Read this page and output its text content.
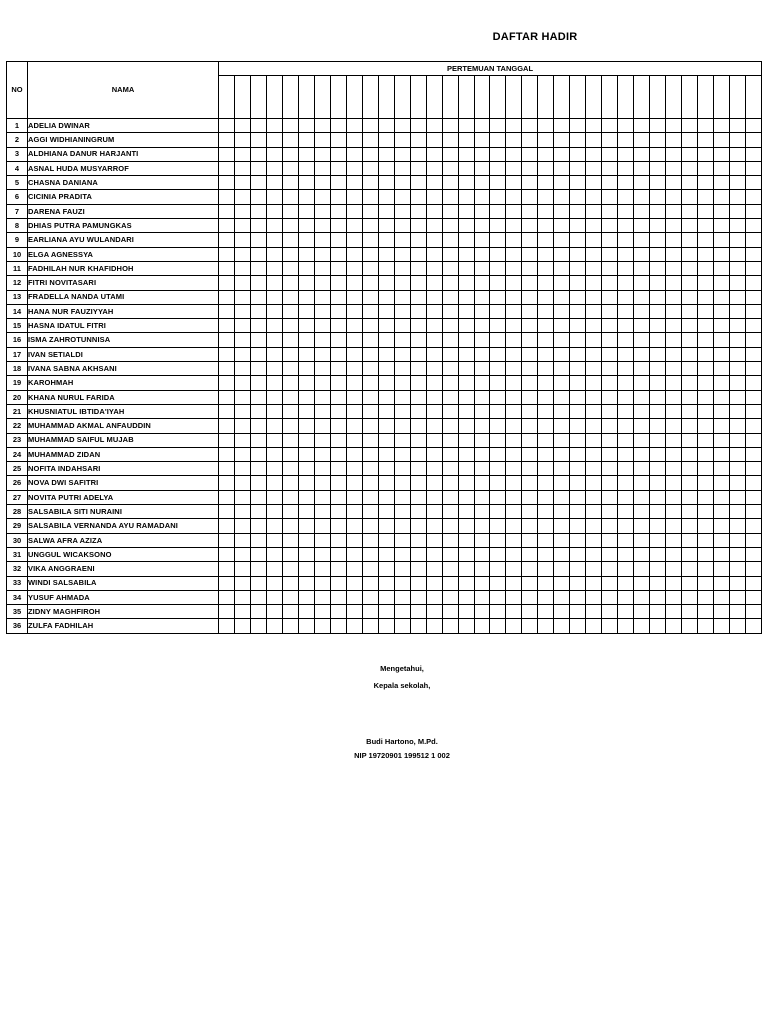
DAFTAR HADIR
NO	NAMA	PERTEMUAN TANGGAL																																	

1	ADELIA DWINAR																																		
2	AGGI WIDHIANINGRUM																																		
3	ALDHIANA DANUR HARJANTI																																		
4	ASNAL HUDA MUSYARROF																																		
5	CHASNA DANIANA																																		
6	CICINIA PRADITA																																		
7	DARENA FAUZI																																		
8	DHIAS PUTRA PAMUNGKAS																																		
9	EARLIANA AYU WULANDARI																																		
10	ELGA AGNESSYA																																		
11	FADHILAH NUR KHAFIDHOH																																		
12	FITRI NOVITASARI																																		
13	FRADELLA NANDA UTAMI																																		
14	HANA NUR FAUZIYYAH																																		
15	HASNA IDATUL FITRI																																		
16	ISMA ZAHROTUNNISA																																		
17	IVAN SETIALDI																																		
18	IVANA SABNA AKHSANI																																		
19	KAROHMAH																																		
20	KHANA NURUL FARIDA																																		
21	KHUSNIATUL IBTIDA'IYAH																																		
22	MUHAMMAD AKMAL ANFAUDDIN																																		
23	MUHAMMAD SAIFUL MUJAB																																		
24	MUHAMMAD ZIDAN																																		
25	NOFITA INDAHSARI																																		
26	NOVA DWI SAFITRI																																		
27	NOVITA PUTRI ADELYA																																		
28	SALSABILA SITI NURAINI																																		
29	SALSABILA VERNANDA AYU RAMADANI																																		
30	SALWA AFRA AZIZA																																		
31	UNGGUL WICAKSONO																																		
32	VIKA ANGGRAENI																																		
33	WINDI SALSABILA																																		
34	YUSUF AHMADA																																		
35	ZIDNY MAGHFIROH																																		
36	ZULFA FADHILAH																																		
Mengetahui,
Kepala sekolah,
Budi Hartono, M.Pd.
NIP 19720901 199512 1 002
